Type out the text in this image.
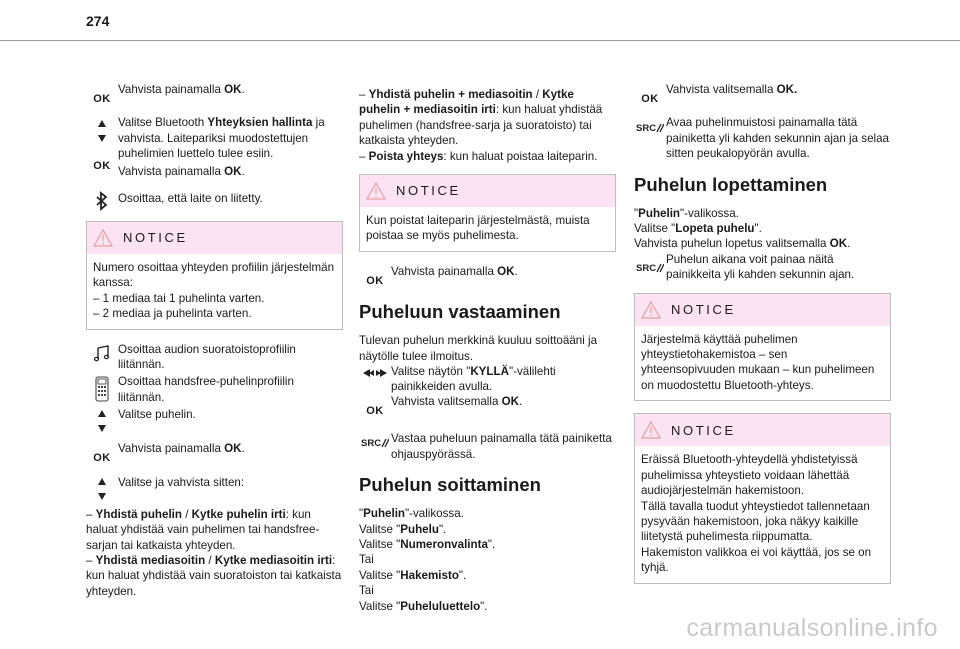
274
OK
Vahvista painamalla OK.
Valitse Bluetooth Yhteyksien hallinta ja vahvista. Laitepariksi muodostettujen puhelimien luettelo tulee esiin.
OK Vahvista painamalla OK.
Osoittaa, että laite on liitetty.
NOTICE

Numero osoittaa yhteyden profiilin järjestelmän kanssa:

– 1 mediaa tai 1 puhelinta varten.

– 2 mediaa ja puhelinta varten.

Osoittaa audion suoratoistoprofiilin liitännän.
Osoittaa handsfree-puhelinprofiilin liitännän.
Valitse puhelin.
OK
Vahvista painamalla OK.
Valitse ja vahvista sitten:

– Yhdistä puhelin / Kytke puhelin irti: kun haluat yhdistää vain puhelimen tai handsfree-sarjan tai katkaista yhteyden.

– Yhdistä mediasoitin / Kytke mediasoitin irti: kun haluat yhdistää vain suoratoiston tai katkaista yhteyden.

– Yhdistä puhelin + mediasoitin / Kytke puhelin + mediasoitin irti: kun haluat yhdistää puhelimen (handsfree-sarja ja suoratoisto) tai katkaista yhteyden.

– Poista yhteys: kun haluat poistaa laiteparin.

NOTICE
Kun poistat laiteparin järjestelmästä, muista poistaa se myös puhelimesta.
OK
Vahvista painamalla OK.
Puheluun vastaaminen

Tulevan puhelun merkkinä kuuluu soittoääni ja näytölle tulee ilmoitus.

Valitse näytön "KYLLÄ"-välilehti painikkeiden avulla.
OK
Vahvista valitsemalla OK.
SRC Vastaa puheluun painamalla tätä painiketta ohjauspyörässä.
Puhelun soittaminen

"Puhelin"-valikossa.

Valitse "Puhelu".

Valitse "Numeronvalinta".

Tai

Valitse "Hakemisto".

Tai

Valitse "Puheluluettelo".

OK
Vahvista valitsemalla OK.
SRC Avaa puhelinmuistosi painamalla tätä painiketta yli kahden sekunnin ajan ja selaa sitten peukalopyörän avulla.
Puhelun lopettaminen

"Puhelin"-valikossa.

Valitse "Lopeta puhelu".

Vahvista puhelun lopetus valitsemalla OK.

SRC
Puhelun aikana voit painaa näitä painikkeita yli kahden sekunnin ajan.
NOTICE
Järjestelmä käyttää puhelimen yhteystietohakemistoa – sen yhteensopivuuden mukaan – kun puhelimeen on muodostettu Bluetooth-yhteys.
NOTICE

Eräissä Bluetooth-yhteydellä yhdistetyissä puhelimissa yhteystieto voidaan lähettää audiojärjestelmän hakemistoon.

Tällä tavalla tuodut yhteystiedot tallennetaan pysyvään hakemistoon, joka näkyy kaikille liitetystä puhelimesta riippumatta.

Hakemiston valikkoa ei voi käyttää, jos se on tyhjä.

carmanualsonline.info
